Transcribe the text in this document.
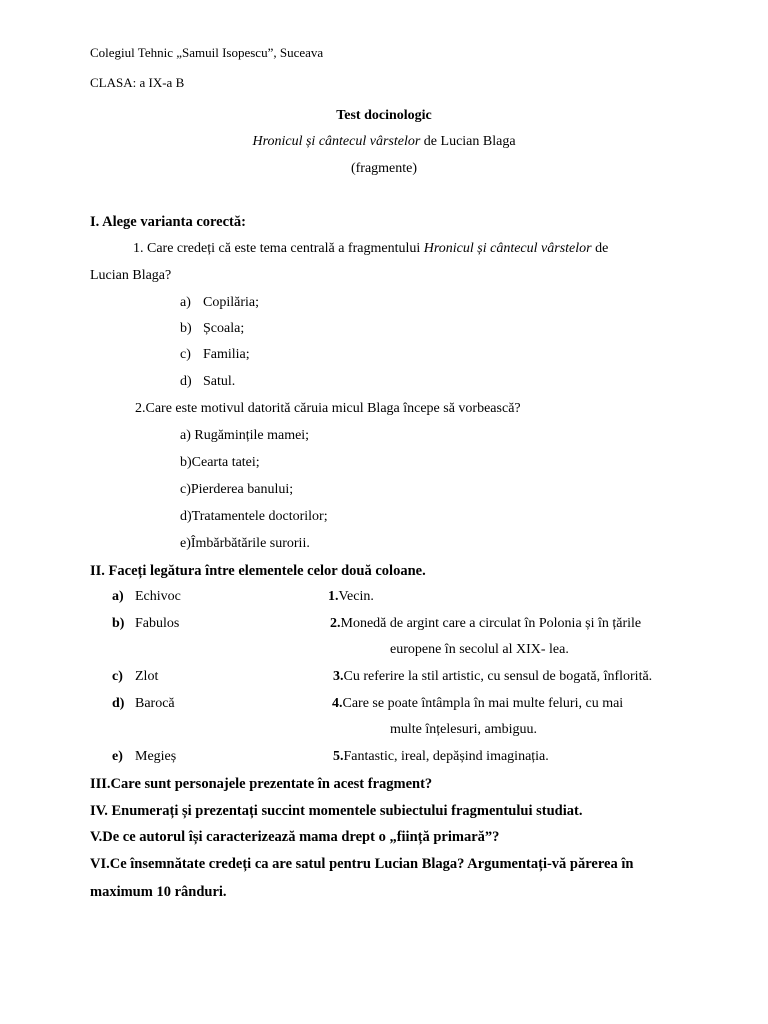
Colegiul Tehnic „Samuil Isopescu”, Suceava
CLASA: a IX-a B
Test docinologic
Hronicul și cântecul vârstelor de Lucian Blaga
(fragmente)
I. Alege varianta corectă:
1. Care credeți că este tema centrală a fragmentului Hronicul și cântecul vârstelor de
Lucian Blaga?
a) Copilăria;
b) Școala;
c) Familia;
d) Satul.
2.Care este motivul datorită căruia micul Blaga începe să vorbească?
a) Rugămințile mamei;
b)Cearta tatei;
c)Pierderea banului;
d)Tratamentele doctorilor;
e)Îmbărbătările surorii.
II. Faceți legătura între elementele celor două coloane.
a) Echivoc
b) Fabulos
c) Zlot
d) Barocă
e) Megieș
1.Vecin.
2.Monedă de argint care a circulat în Polonia și în țările
europene în secolul al XIX- lea.
3.Cu referire la stil artistic, cu sensul de bogată, înflorită.
4.Care se poate întâmpla în mai multe feluri, cu mai
multe înțelesuri, ambiguu.
5.Fantastic, ireal, depășind imaginația.
III.Care sunt personajele prezentate în acest fragment?
IV. Enumerați și prezentați succint momentele subiectului fragmentului studiat.
V.De ce autorul își caracterizează mama drept o „ființă primară”?
VI.Ce însemnătate credeți ca are satul pentru Lucian Blaga? Argumentați-vă părerea în
maximum 10 rânduri.
